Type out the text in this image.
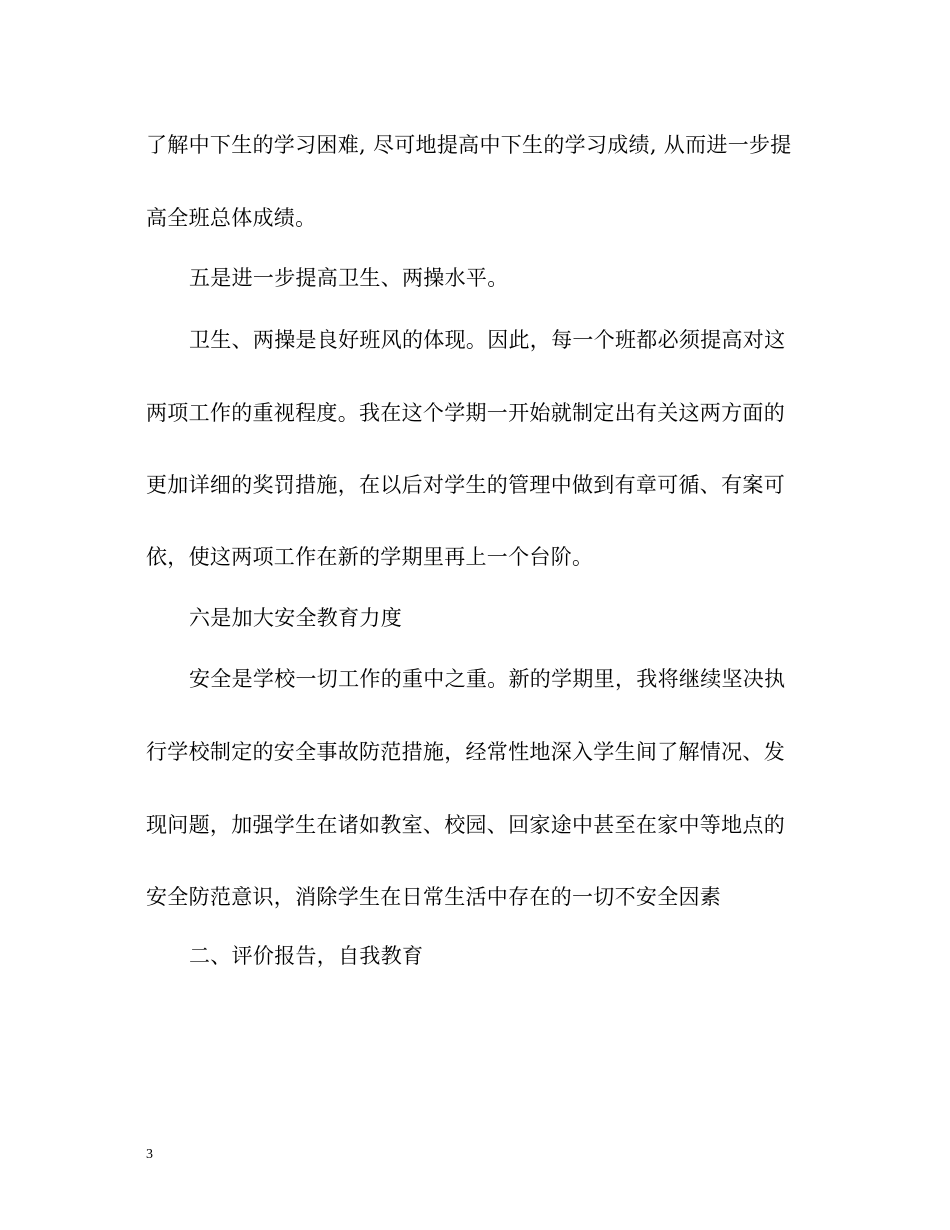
了解中下生的学习困难, 尽可地提高中下生的学习成绩, 从而进一步提
高全班总体成绩。
五是进一步提高卫生、两操水平。
卫生、两操是良好班风的体现。因此，每一个班都必须提高对这
两项工作的重视程度。我在这个学期一开始就制定出有关这两方面的
更加详细的奖罚措施，在以后对学生的管理中做到有章可循、有案可
依，使这两项工作在新的学期里再上一个台阶。
六是加大安全教育力度
安全是学校一切工作的重中之重。新的学期里，我将继续坚决执
行学校制定的安全事故防范措施，经常性地深入学生间了解情况、发
现问题，加强学生在诸如教室、校园、回家途中甚至在家中等地点的
安全防范意识，消除学生在日常生活中存在的一切不安全因素
二、评价报告，自我教育
3
